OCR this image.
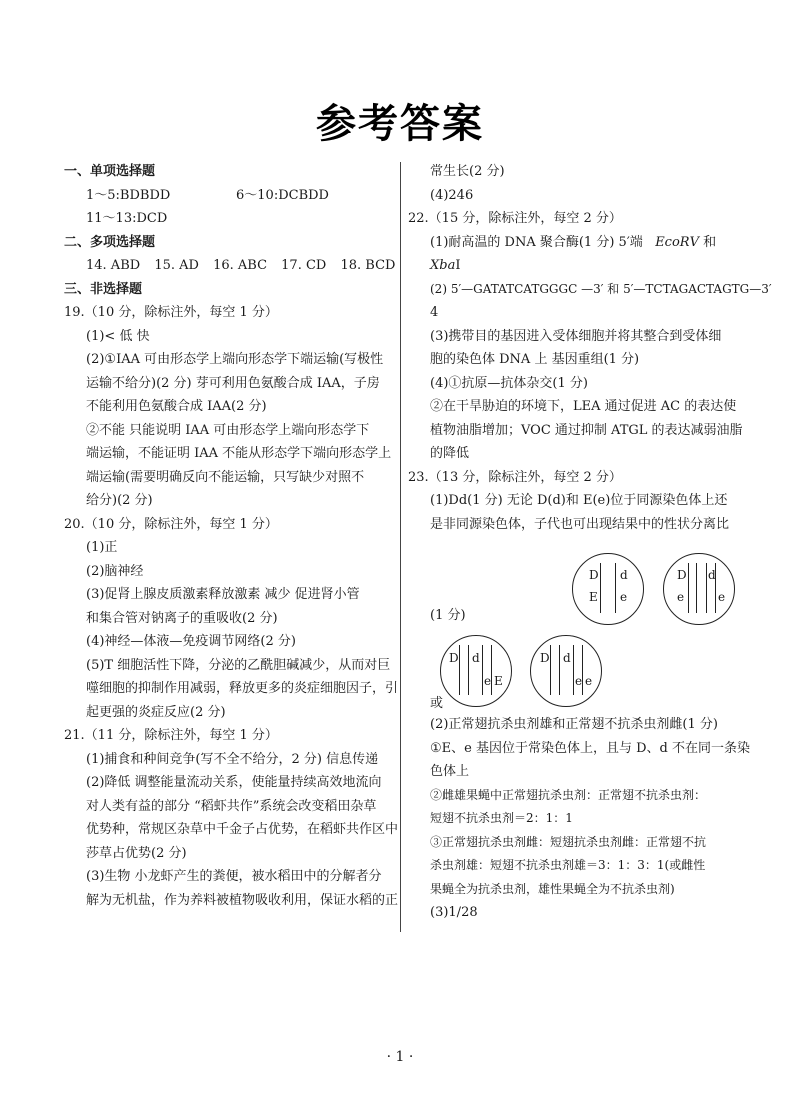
参考答案
一、单项选择题
1～5:BDBDD	6～10:DCBDD
11～13:DCD
二、多项选择题
14. ABD 15. AD 16. ABC 17. CD 18. BCD
三、非选择题
19.（10 分，除标注外，每空 1 分）
(1)< 低 快
(2)①IAA 可由形态学上端向形态学下端运输(写极性
运输不给分)(2 分) 芽可利用色氨酸合成 IAA，子房
不能利用色氨酸合成 IAA(2 分)
②不能 只能说明 IAA 可由形态学上端向形态学下
端运输，不能证明 IAA 不能从形态学下端向形态学上
端运输(需要明确反向不能运输，只写缺少对照不
给分)(2 分)
20.（10 分，除标注外，每空 1 分）
(1)正
(2)脑神经
(3)促肾上腺皮质激素释放激素 减少 促进肾小管
和集合管对钠离子的重吸收(2 分)
(4)神经—体液—免疫调节网络(2 分)
(5)T 细胞活性下降，分泌的乙酰胆碱减少，从而对巨
噬细胞的抑制作用减弱，释放更多的炎症细胞因子，引
起更强的炎症反应(2 分)
21.（11 分，除标注外，每空 1 分）
(1)捕食和种间竞争(写不全不给分，2 分) 信息传递
(2)降低 调整能量流动关系，使能量持续高效地流向
对人类有益的部分 “稻虾共作”系统会改变稻田杂草
优势种，常规区杂草中千金子占优势，在稻虾共作区中
莎草占优势(2 分)
(3)生物 小龙虾产生的粪便，被水稻田中的分解者分
解为无机盐，作为养料被植物吸收利用，保证水稻的正
常生长(2 分)
(4)246
22.（15 分，除标注外，每空 2 分）
(1)耐高温的 DNA 聚合酶(1 分) 5′端 EcoRⅤ 和
XbaⅠ
(2) 5′—GATATCATGGGC —3′ 和 5′—TCTAGACTAGTG—3′
4
(3)携带目的基因进入受体细胞并将其整合到受体细
胞的染色体 DNA 上 基因重组(1 分)
(4)①抗原—抗体杂交(1 分)
②在干旱胁迫的环境下，LEA 通过促进 AC 的表达使
植物油脂增加；VOC 通过抑制 ATGL 的表达减弱油脂
的降低
23.（13 分，除标注外，每空 2 分）
(1)Dd(1 分) 无论 D(d)和 E(e)位于同源染色体上还
是非同源染色体，子代也可出现结果中的性状分离比
(1 分)
或
D
E
d
e
D
e
d
e
D d
e E
D d
e e
(2)正常翅抗杀虫剂雄和正常翅不抗杀虫剂雌(1 分)
①E、e 基因位于常染色体上，且与 D、d 不在同一条染
色体上
②雌雄果蝇中正常翅抗杀虫剂：正常翅不抗杀虫剂：
短翅不抗杀虫剂＝2：1：1
③正常翅抗杀虫剂雌：短翅抗杀虫剂雌：正常翅不抗
杀虫剂雄：短翅不抗杀虫剂雄＝3：1：3：1(或雌性
果蝇全为抗杀虫剂，雄性果蝇全为不抗杀虫剂)
(3)1/28
· 1 ·
